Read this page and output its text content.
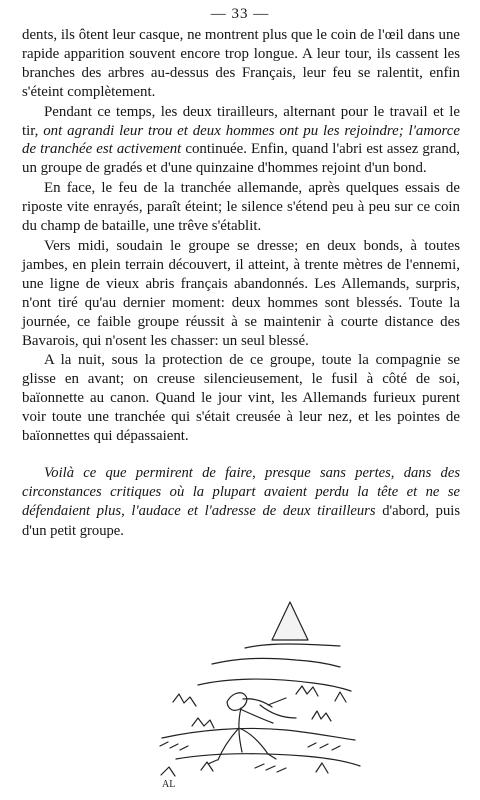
— 33 —

dents, ils ôtent leur casque, ne montrent plus que le coin de l'œil dans une rapide apparition souvent encore trop longue. A leur tour, ils cassent les branches des arbres au-dessus des Français, leur feu se ralentit, enfin s'éteint complètement.

Pendant ce temps, les deux tirailleurs, alternant pour le travail et le tir, ont agrandi leur trou et deux hommes ont pu les rejoindre; l'amorce de tranchée est activement continuée. Enfin, quand l'abri est assez grand, un groupe de gradés et d'une quinzaine d'hommes rejoint d'un bond.

En face, le feu de la tranchée allemande, après quelques essais de riposte vite enrayés, paraît éteint; le silence s'étend peu à peu sur ce coin du champ de bataille, une trêve s'établit.

Vers midi, soudain le groupe se dresse; en deux bonds, à toutes jambes, en plein terrain découvert, il atteint, à trente mètres de l'ennemi, une ligne de vieux abris français abandonnés. Les Allemands, surpris, n'ont tiré qu'au dernier moment: deux hommes sont blessés. Toute la journée, ce faible groupe réussit à se maintenir à courte distance des Bavarois, qui n'osent les chasser: un seul blessé.

A la nuit, sous la protection de ce groupe, toute la compagnie se glisse en avant; on creuse silencieusement, le fusil à côté de soi, baïonnette au canon. Quand le jour vint, les Allemands furieux purent voir toute une tranchée qui s'était creusée à leur nez, et les pointes de baïonnettes qui dépassaient.

Voilà ce que permirent de faire, presque sans pertes, dans des circonstances critiques où la plupart avaient perdu la tête et ne se défendaient plus, l'audace et l'adresse de deux tirailleurs d'abord, puis d'un petit groupe.

AL
